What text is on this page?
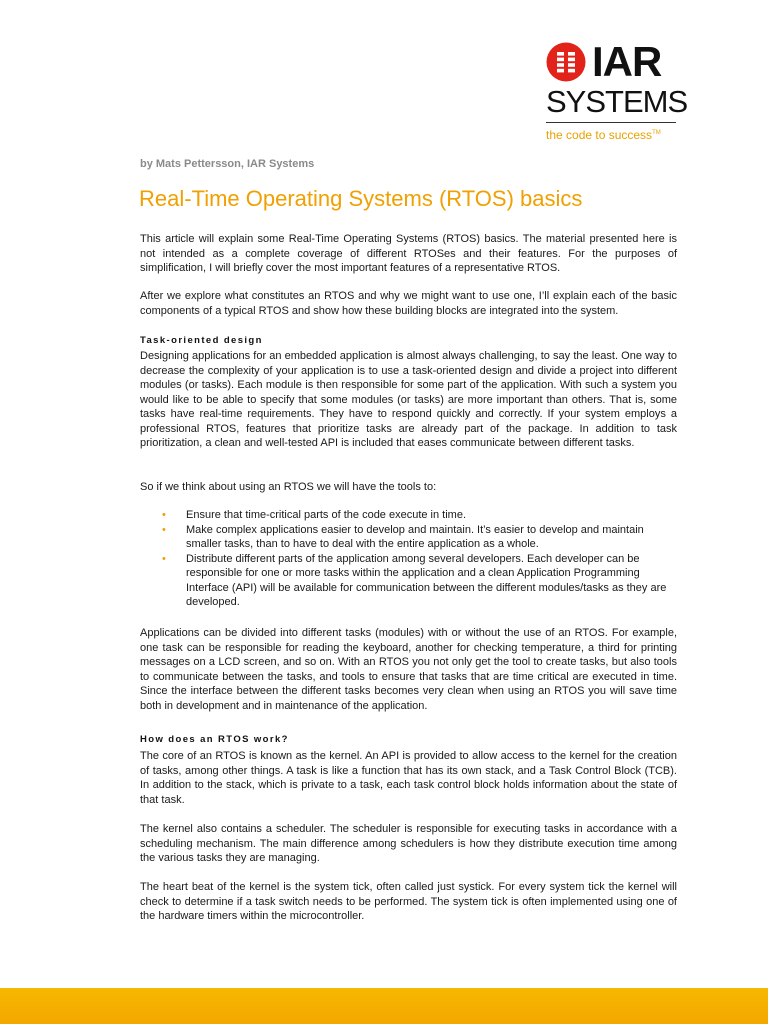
IAR
SYSTEMS
the code to success™
by Mats Pettersson, IAR Systems
Real-Time Operating Systems (RTOS) basics

This article will explain some Real-Time Operating Systems (RTOS) basics. The material presented here is not intended as a complete coverage of different RTOSes and their features. For the purposes of simplification, I will briefly cover the most important features of a representative RTOS.

After we explore what constitutes an RTOS and why we might want to use one, I’ll explain each of the basic components of a typical RTOS and show how these building blocks are integrated into the system.

Task-oriented design

Designing applications for an embedded application is almost always challenging, to say the least. One way to decrease the complexity of your application is to use a task-oriented design and divide a project into different modules (or tasks). Each module is then responsible for some part of the application. With such a system you would like to be able to specify that some modules (or tasks) are more important than others. That is, some tasks have real-time requirements. They have to respond quickly and correctly. If your system employs a professional RTOS, features that prioritize tasks are already part of the package. In addition to task prioritization, a clean and well-tested API is included that eases communicate between different tasks.

So if we think about using an RTOS we will have the tools to:

• Ensure that time-critical parts of the code execute in time.
• Make complex applications easier to develop and maintain. It’s easier to develop and maintain smaller tasks, than to have to deal with the entire application as a whole.
• Distribute different parts of the application among several developers. Each developer can be responsible for one or more tasks within the application and a clean Application Programming Interface (API) will be available for communication between the different modules/tasks as they are developed.

Applications can be divided into different tasks (modules) with or without the use of an RTOS. For example, one task can be responsible for reading the keyboard, another for checking temperature, a third for printing messages on a LCD screen, and so on. With an RTOS you not only get the tool to create tasks, but also tools to communicate between the tasks, and tools to ensure that tasks that are time critical are executed in time. Since the interface between the different tasks becomes very clean when using an RTOS you will save time both in development and in maintenance of the application.

How does an RTOS work?

The core of an RTOS is known as the kernel. An API is provided to allow access to the kernel for the creation of tasks, among other things. A task is like a function that has its own stack, and a Task Control Block (TCB). In addition to the stack, which is private to a task, each task control block holds information about the state of that task.

The kernel also contains a scheduler. The scheduler is responsible for executing tasks in accordance with a scheduling mechanism. The main difference among schedulers is how they distribute execution time among the various tasks they are managing.

The heart beat of the kernel is the system tick, often called just systick. For every system tick the kernel will check to determine if a task switch needs to be performed. The system tick is often implemented using one of the hardware timers within the microcontroller.
